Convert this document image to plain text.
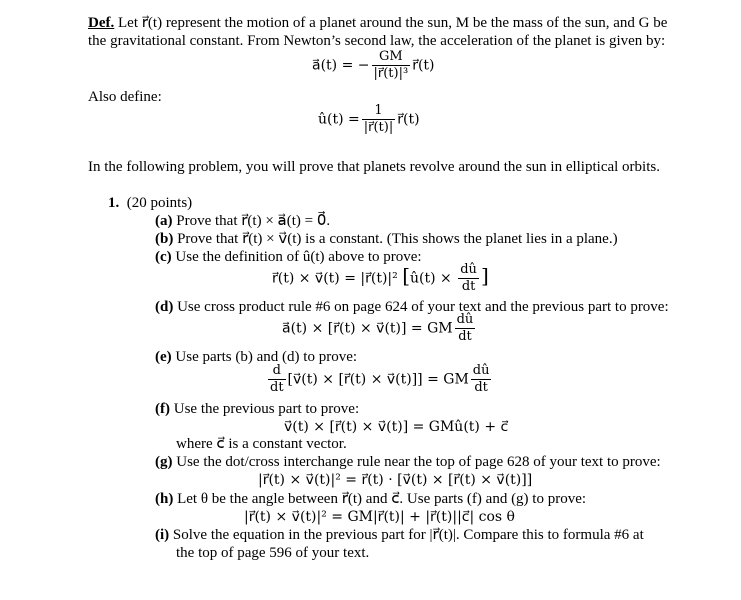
Def. Let r⃗(t) represent the motion of a planet around the sun, M be the mass of the sun, and G be
the gravitational constant. From Newton’s second law, the acceleration of the planet is given by:
a⃗(t) = − $\frac{GM}{\text{|r⃗(t)|³}}$ r⃗(t)
Also define:
û(t) = $\frac{1}{|r⃗(t)|}$ r⃗(t)
In the following problem, you will prove that planets revolve around the sun in elliptical orbits.
1. (20 points)
(a) Prove that r⃗(t) × a⃗(t) = 0⃗.
(b) Prove that r⃗(t) × v⃗(t) is a constant. (This shows the planet lies in a plane.)
(c) Use the definition of û(t) above to prove:
r⃗(t) × v⃗(t) = |r⃗(t)|² [û(t) × $\frac{dû}{dt}$ ]
(d) Use cross product rule #6 on page 624 of your text and the previous part to prove:
a⃗(t) × [r⃗(t) × v⃗(t)] = GM $\frac{dû}{dt}$
(e) Use parts (b) and (d) to prove:
$\frac{d}{dt}$ [v⃗(t) × [r⃗(t) × v⃗(t)]] = GM $\frac{dû}{dt}$
(f) Use the previous part to prove:
v⃗(t) × [r⃗(t) × v⃗(t)] = GMû(t) + c⃗
where c⃗ is a constant vector.
(g) Use the dot/cross interchange rule near the top of page 628 of your text to prove:
|r⃗(t) × v⃗(t)|² = r⃗(t) · [v⃗(t) × [r⃗(t) × v⃗(t)]]
(h) Let θ be the angle between r⃗(t) and c⃗. Use parts (f) and (g) to prove:
|r⃗(t) × v⃗(t)|² = GM|r⃗(t)| + |r⃗(t)||c⃗| cos θ
(i) Solve the equation in the previous part for |r⃗(t)|. Compare this to formula #6 at
the top of page 596 of your text.
